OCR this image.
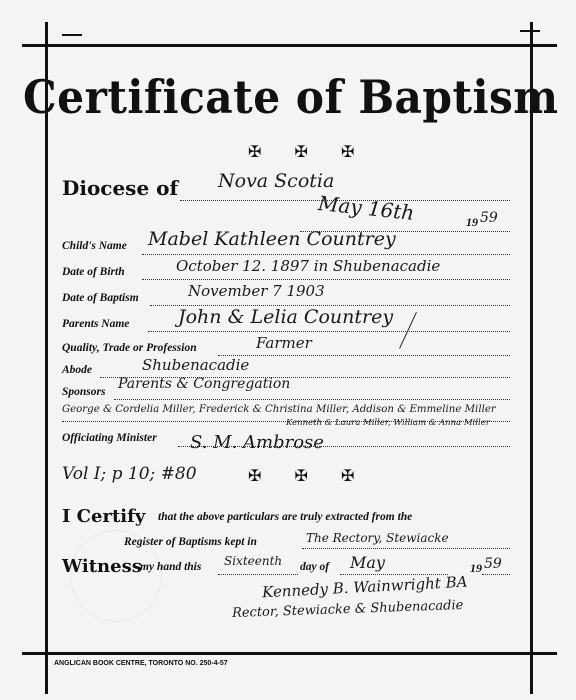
Certificate of Baptism
✠ ✠ ✠
Diocese of Nova Scotia
May 16th	19 59
Child's Name Mabel Kathleen Countrey
Date of Birth	October 12. 1897 in Shubenacadie
Date of Baptism	November 7 1903
Parents Name	John & Lelia Countrey
Quality, Trade or Profession	Farmer
Abode	Shubenacadie
Sponsors Parents & Congregation
George & Cordelia Miller, Frederick & Christina Miller, Addison & Emmeline Miller
Kenneth & Laura Miller, William & Anna Miller
Officiating Minister S. M. Ambrose
Vol I; p 10; #80	✠ ✠ ✠
I Certify that the above particulars are truly extracted from the
Register of Baptisms kept in	The Rectory, Stewiacke
Witness
my hand this Sixteenth day of May	19 59
Kennedy B. Wainwright BA
Rector, Stewiacke & Shubenacadie
ANGLICAN BOOK CENTRE, TORONTO NO. 250-4-57
